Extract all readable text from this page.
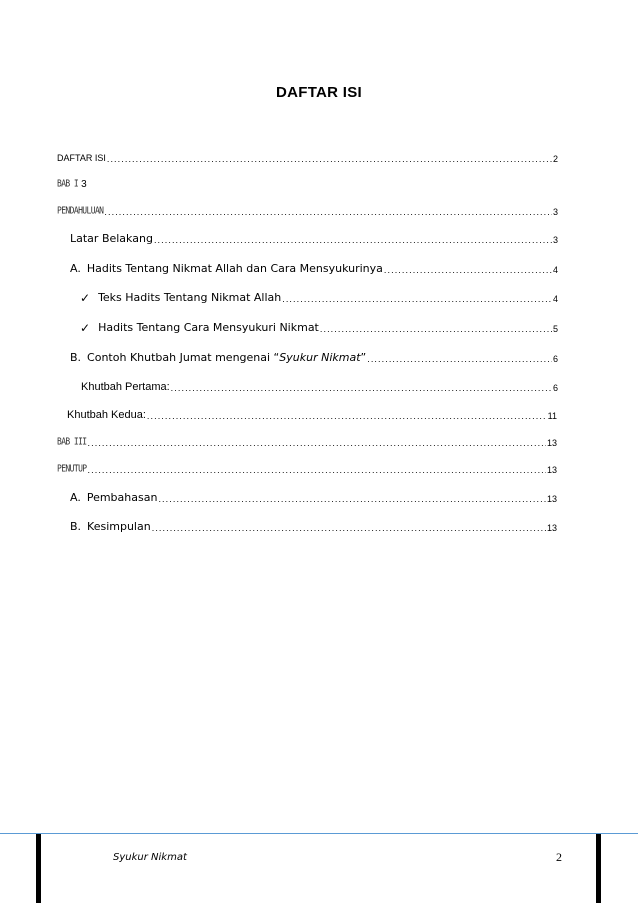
DAFTAR ISI
DAFTAR ISI .....	2
BAB I 3
PENDAHULUAN .....	3
Latar Belakang .....	3
A. Hadits Tentang Nikmat Allah dan Cara Mensyukurinya .....	4
✓ Teks Hadits Tentang Nikmat Allah .....	4
✓ Hadits Tentang Cara Mensyukuri Nikmat .....	5
B. Contoh Khutbah Jumat mengenai “Syukur Nikmat” .....	6
Khutbah Pertama: .....	6
Khutbah Kedua: .....	11
BAB III .....	13
PENUTUP .....	13
A. Pembahasan .....	13
B. Kesimpulan .....	13
Syukur Nikmat	2
